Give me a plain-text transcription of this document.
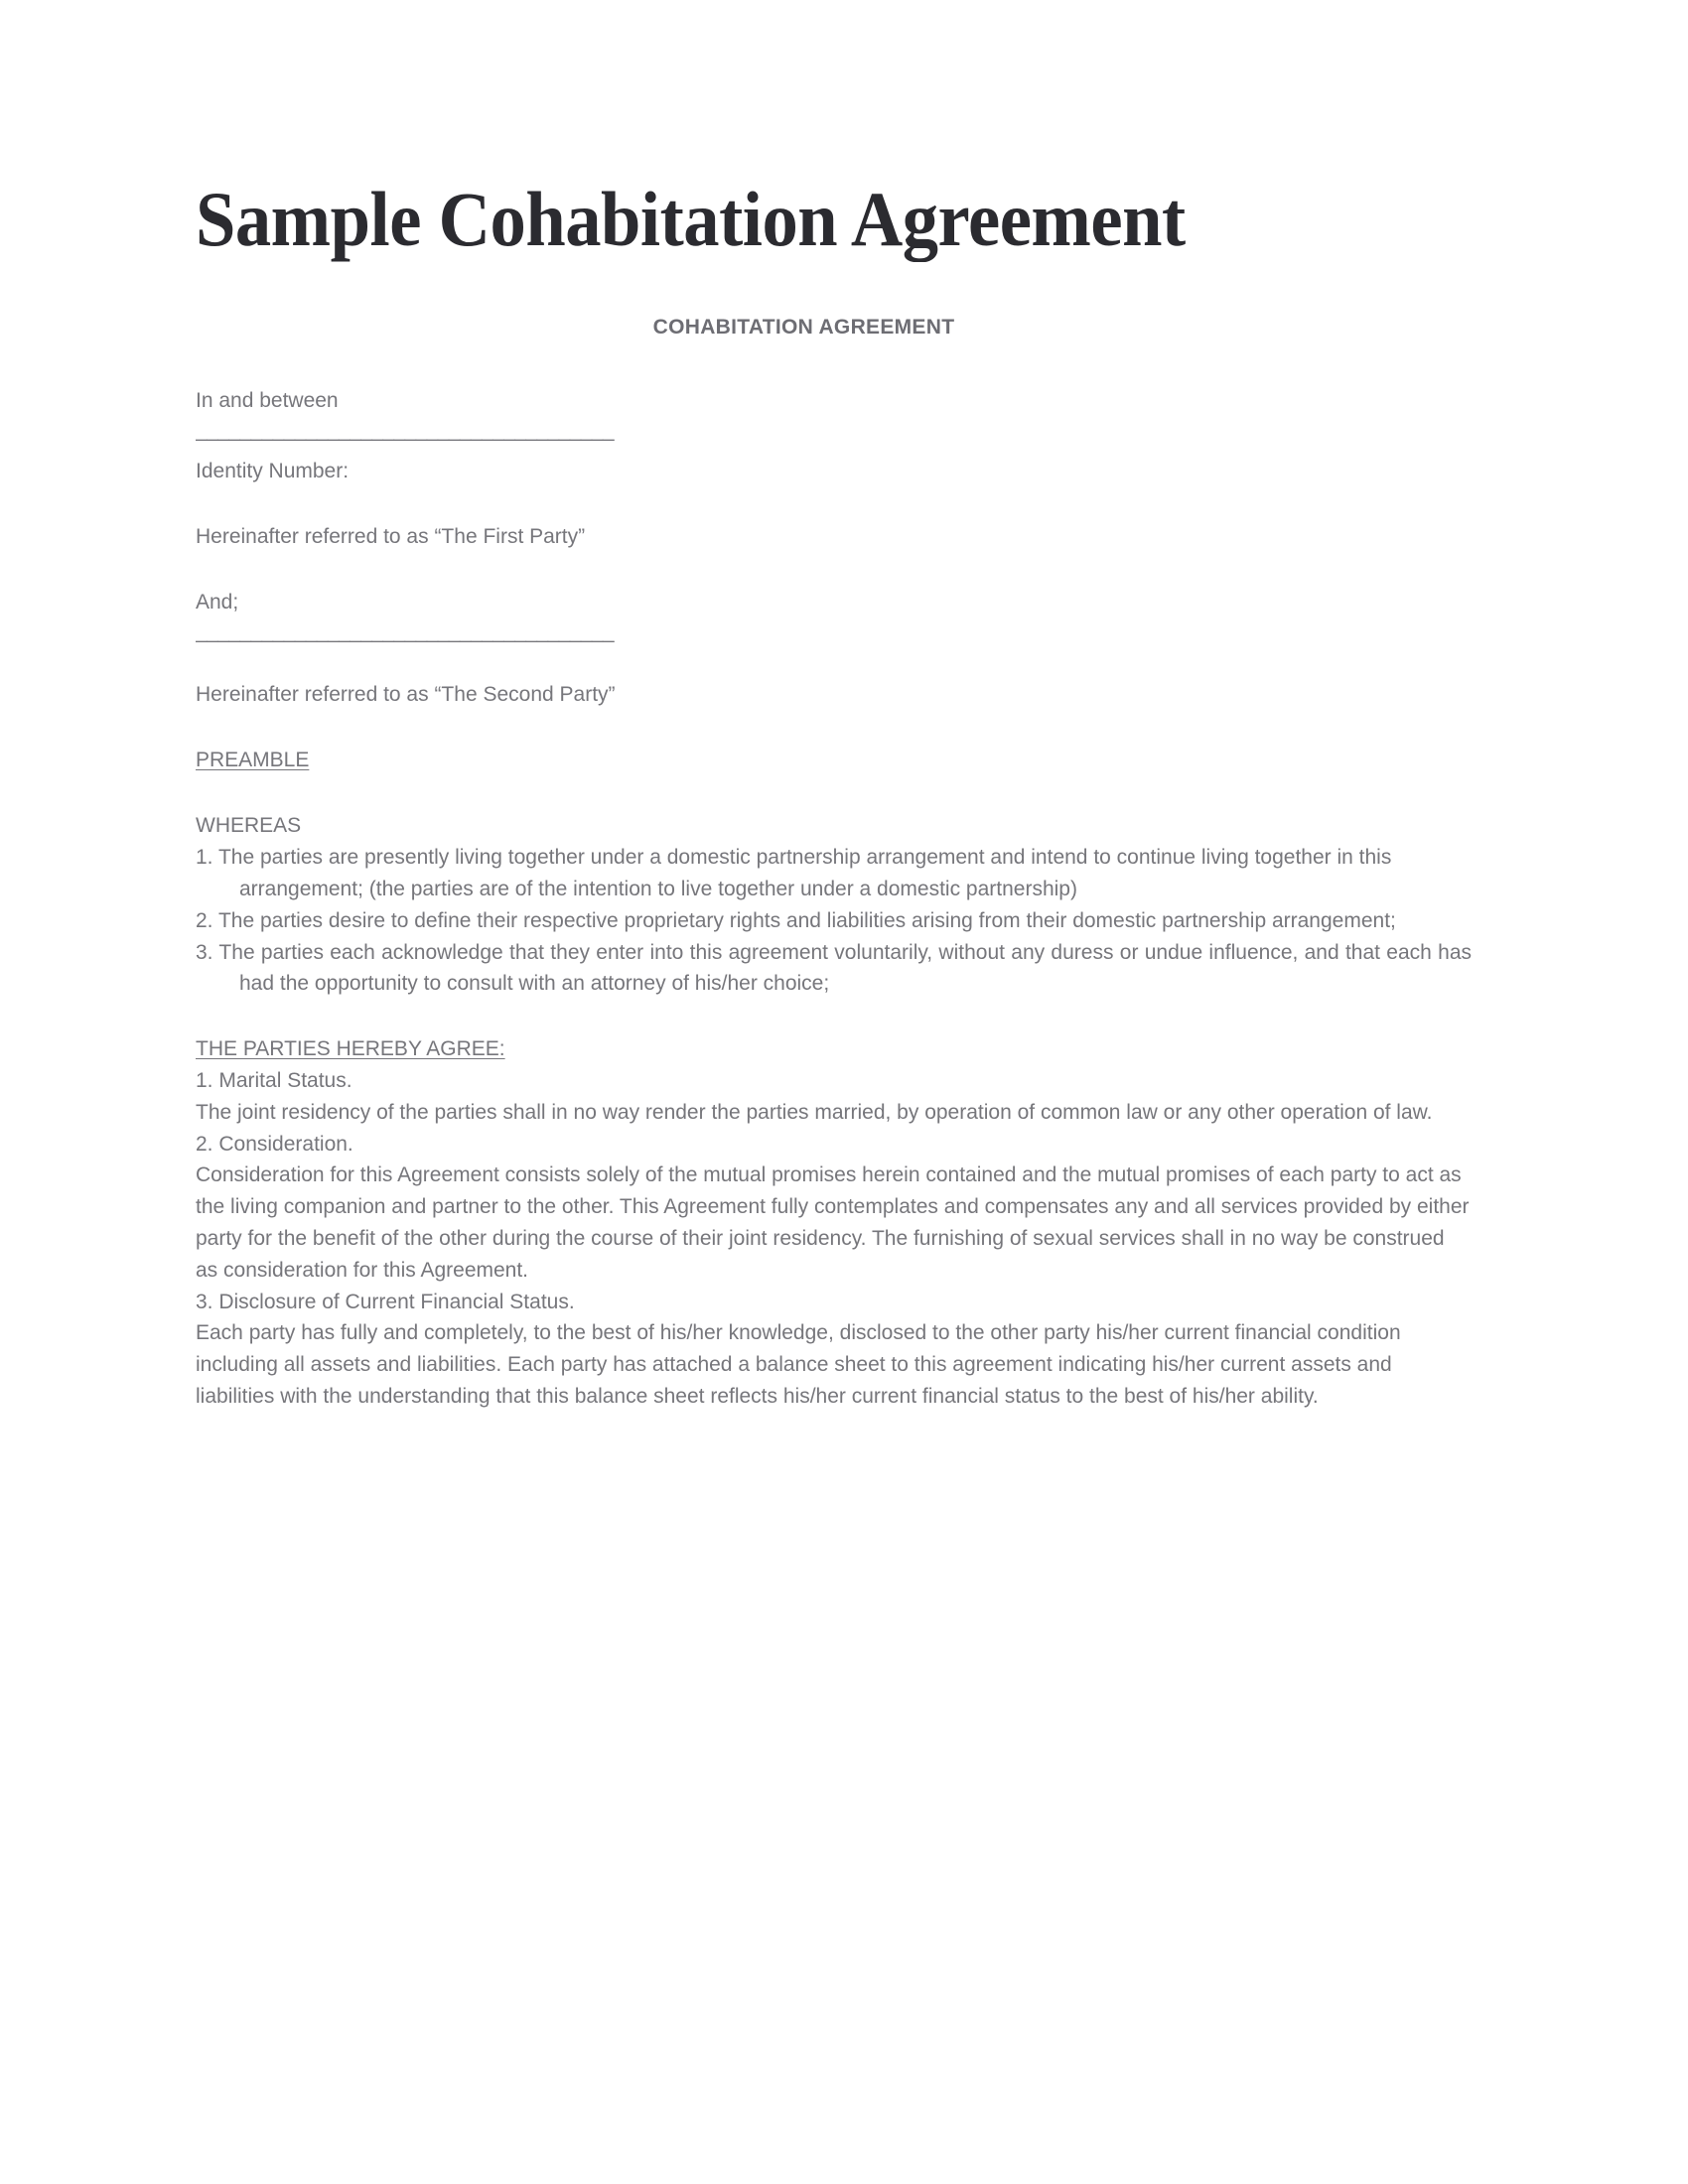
Sample Cohabitation Agreement

COHABITATION AGREEMENT

In and between

______________________________________

Identity Number:

Hereinafter referred to as “The First Party”

And;

______________________________________

Hereinafter referred to as “The Second Party”

PREAMBLE

WHEREAS

1. The parties are presently living together under a domestic partnership arrangement and intend to continue living together in this arrangement; (the parties are of the intention to live together under a domestic partnership)

2. The parties desire to define their respective proprietary rights and liabilities arising from their domestic partnership arrangement;

3. The parties each acknowledge that they enter into this agreement voluntarily, without any duress or undue influence, and that each has had the opportunity to consult with an attorney of his/her choice;

THE PARTIES HEREBY AGREE:

1. Marital Status.

The joint residency of the parties shall in no way render the parties married, by operation of common law or any other operation of law.

2. Consideration.

Consideration for this Agreement consists solely of the mutual promises herein contained and the mutual promises of each party to act as the living companion and partner to the other. This Agreement fully contemplates and compensates any and all services provided by either party for the benefit of the other during the course of their joint residency. The furnishing of sexual services shall in no way be construed as consideration for this Agreement.

3. Disclosure of Current Financial Status.

Each party has fully and completely, to the best of his/her knowledge, disclosed to the other party his/her current financial condition including all assets and liabilities. Each party has attached a balance sheet to this agreement indicating his/her current assets and liabilities with the understanding that this balance sheet reflects his/her current financial status to the best of his/her ability.
